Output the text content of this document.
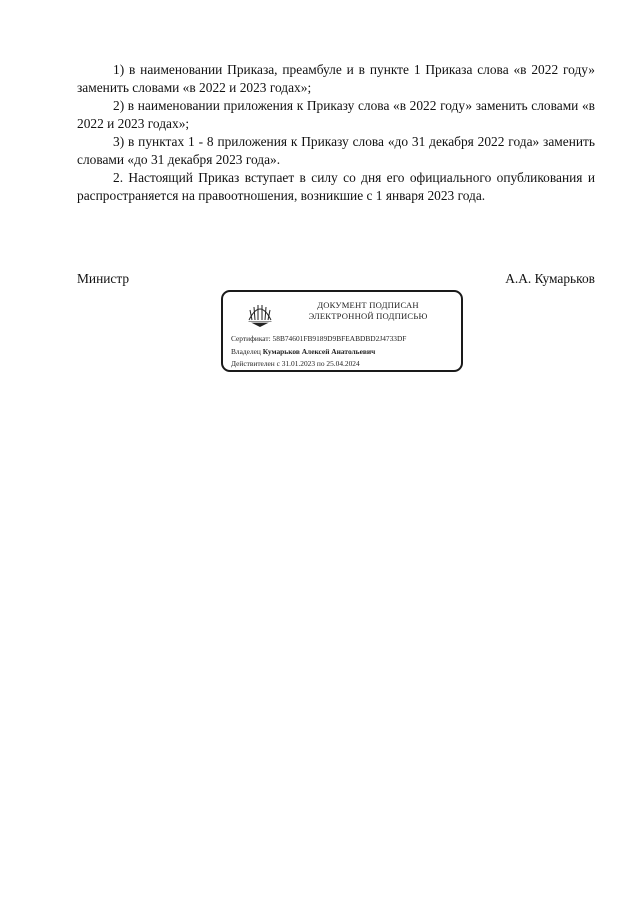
1) в наименовании Приказа, преамбуле и в пункте 1 Приказа слова «в 2022 году» заменить словами «в 2022 и 2023 годах»;

2) в наименовании приложения к Приказу слова «в 2022 году» заменить словами «в 2022 и 2023 годах»;

3) в пунктах 1 - 8 приложения к Приказу слова «до 31 декабря 2022 года» заменить словами «до 31 декабря 2023 года».

2. Настоящий Приказ вступает в силу со дня его официального опубликования и распространяется на правоотношения, возникшие с 1 января 2023 года.

Министр	А.А. Кумарьков
ДОКУМЕНТ ПОДПИСАН
ЭЛЕКТРОННОЙ ПОДПИСЬЮ
Сертификат: 58B74601FB9189D9BFEABDBD2J4733DF
Владелец Кумарьков Алексей Анатольевич
Действителен с 31.01.2023 по 25.04.2024
